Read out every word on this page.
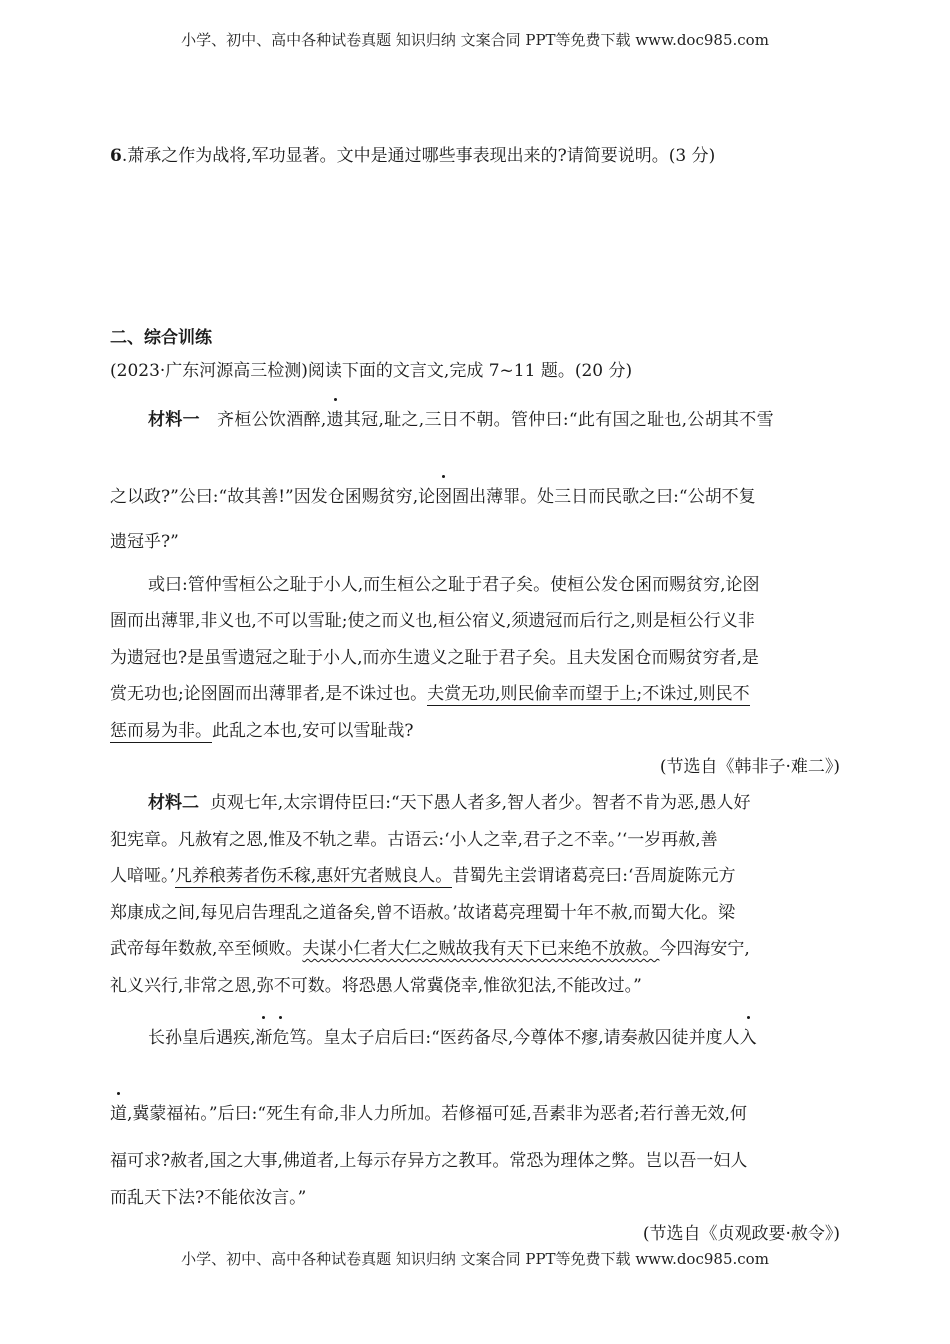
小学、初中、高中各种试卷真题 知识归纳 文案合同 PPT等免费下载 www.doc985.com
6.萧承之作为战将,军功显著。文中是通过哪些事表现出来的?请简要说明。(3 分)
二、综合训练
(2023·广东河源高三检测)阅读下面的文言文,完成 7~11 题。(20 分)
材料一 齐桓公饮酒醉,遗其冠,耻之,三日不朝。管仲曰:“此有国之耻也,公胡其不雪
之以政?”公曰:“故其善!”因发仓囷赐贫穷,论囹圄出薄罪。处三日而民歌之曰:“公胡不复
遗冠乎?”
或曰:管仲雪桓公之耻于小人,而生桓公之耻于君子矣。使桓公发仓囷而赐贫穷,论囹
圄而出薄罪,非义也,不可以雪耻;使之而义也,桓公宿义,须遗冠而后行之,则是桓公行义非
为遗冠也?是虽雪遗冠之耻于小人,而亦生遗义之耻于君子矣。且夫发囷仓而赐贫穷者,是
赏无功也;论囹圄而出薄罪者,是不诛过也。夫赏无功,则民偷幸而望于上;不诛过,则民不
惩而易为非。此乱之本也,安可以雪耻哉?
(节选自《韩非子·难二》)
材料二 贞观七年,太宗谓侍臣曰:“天下愚人者多,智人者少。智者不肯为恶,愚人好
犯宪章。凡赦宥之恩,惟及不轨之辈。古语云:‘小人之幸,君子之不幸。’‘一岁再赦,善
人喑哑。’凡养稂莠者伤禾稼,惠奸宄者贼良人。昔蜀先主尝谓诸葛亮曰:‘吾周旋陈元方
郑康成之间,每见启告理乱之道备矣,曾不语赦。’故诸葛亮理蜀十年不赦,而蜀大化。梁
武帝每年数赦,卒至倾败。夫谋小仁者大仁之贼故我有天下已来绝不放赦。今四海安宁,
礼义兴行,非常之恩,弥不可数。将恐愚人常冀侥幸,惟欲犯法,不能改过。”
长孙皇后遇疾,渐危笃。皇太子启后曰:“医药备尽,今尊体不瘳,请奏赦囚徒并度人入
道,冀蒙福祐。”后曰:“死生有命,非人力所加。若修福可延,吾素非为恶者;若行善无效,何
福可求?赦者,国之大事,佛道者,上每示存异方之教耳。常恐为理体之弊。岂以吾一妇人
而乱天下法?不能依汝言。”
(节选自《贞观政要·赦令》)
小学、初中、高中各种试卷真题 知识归纳 文案合同 PPT等免费下载 www.doc985.com
